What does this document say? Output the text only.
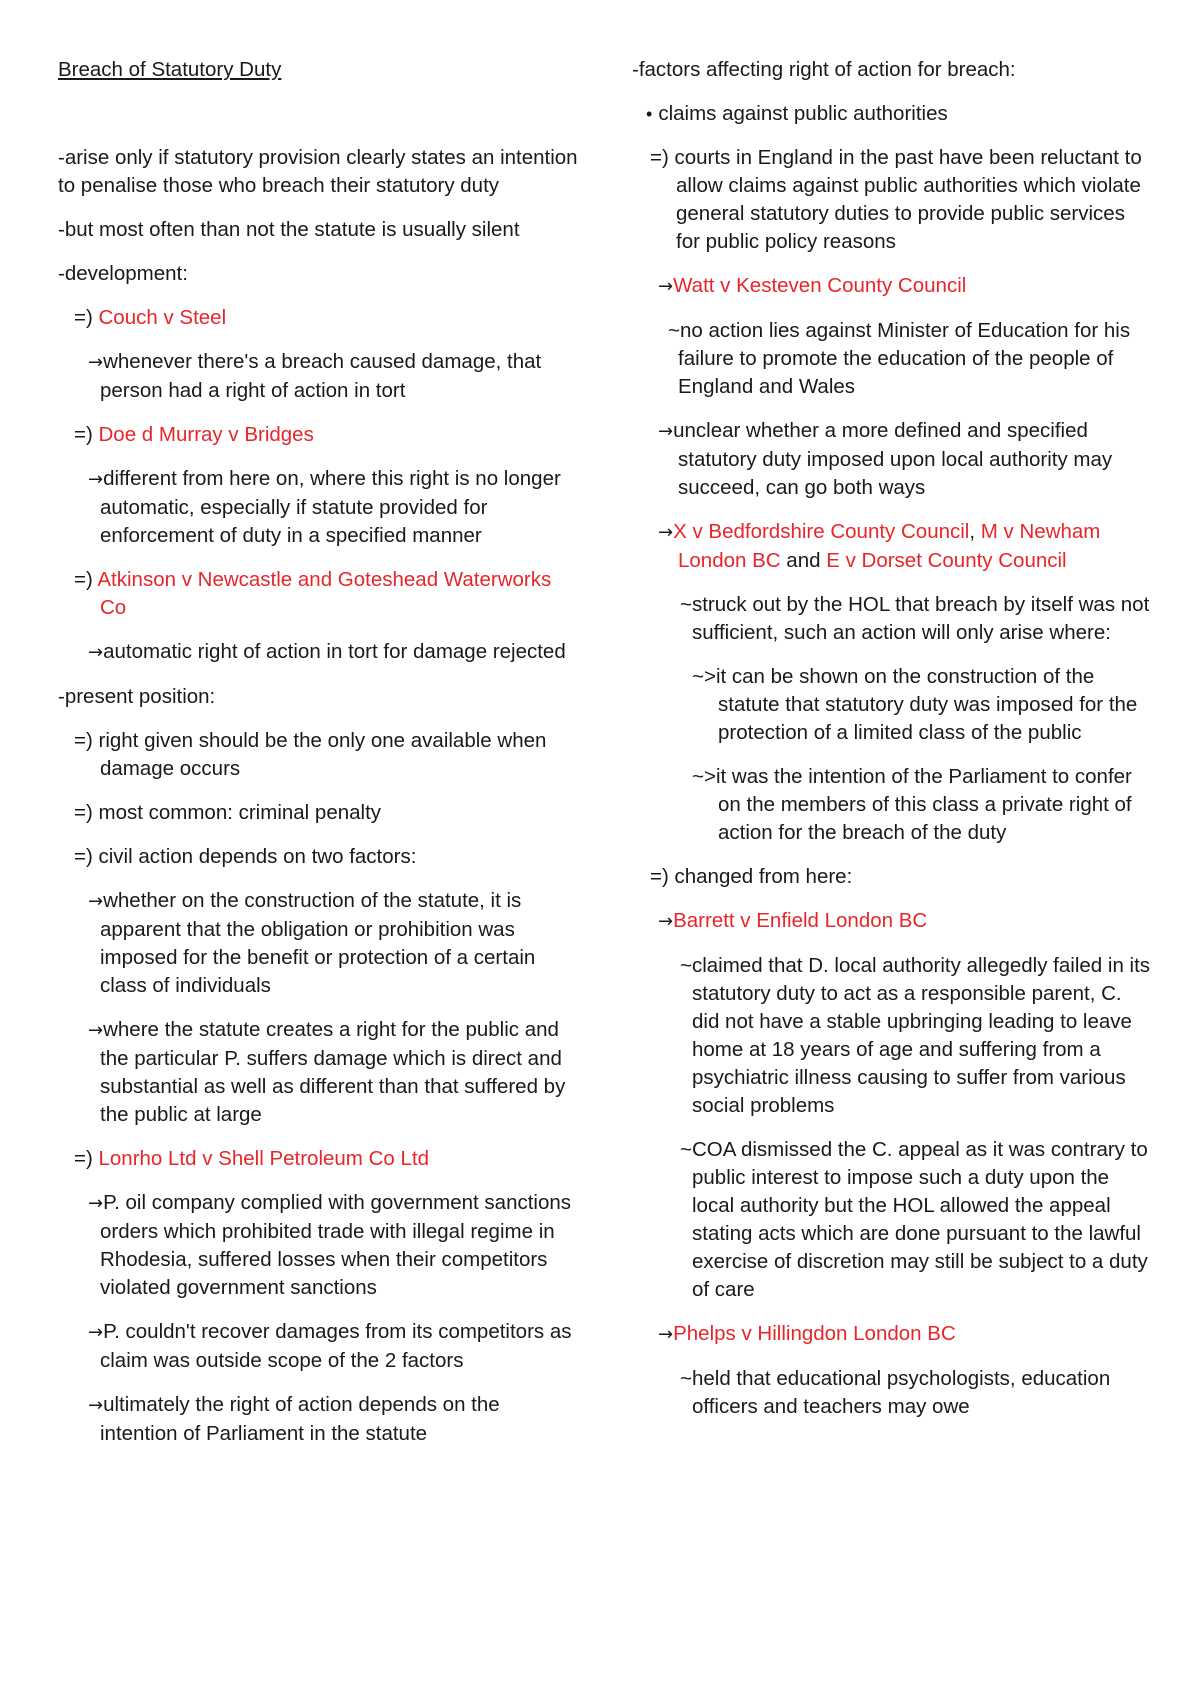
Breach of Statutory Duty

-arise only if statutory provision clearly states an intention to penalise those who breach their statutory duty

-but most often than not the statute is usually silent

-development:

=) Couch v Steel

→whenever there's a breach caused damage, that person had a right of action in tort

=) Doe d Murray v Bridges

→different from here on, where this right is no longer automatic, especially if statute provided for enforcement of duty in a specified manner

=) Atkinson v Newcastle and Goteshead Waterworks Co

→automatic right of action in tort for damage rejected

-present position:

=) right given should be the only one available when damage occurs

=) most common: criminal penalty

=) civil action depends on two factors:

→whether on the construction of the statute, it is apparent that the obligation or prohibition was imposed for the benefit or protection of a certain class of individuals

→where the statute creates a right for the public and the particular P. suffers damage which is direct and substantial as well as different than that suffered by the public at large

=) Lonrho Ltd v Shell Petroleum Co Ltd

→P. oil company complied with government sanctions orders which prohibited trade with illegal regime in Rhodesia, suffered losses when their competitors violated government sanctions

→P. couldn't recover damages from its competitors as claim was outside scope of the 2 factors

→ultimately the right of action depends on the intention of Parliament in the statute

-factors affecting right of action for breach:

• claims against public authorities

=) courts in England in the past have been reluctant to allow claims against public authorities which violate general statutory duties to provide public services for public policy reasons

→Watt v Kesteven County Council

~no action lies against Minister of Education for his failure to promote the education of the people of England and Wales

→unclear whether a more defined and specified statutory duty imposed upon local authority may succeed, can go both ways

→X v Bedfordshire County Council, M v Newham London BC and E v Dorset County Council

~struck out by the HOL that breach by itself was not sufficient, such an action will only arise where:

~>it can be shown on the construction of the statute that statutory duty was imposed for the protection of a limited class of the public

~>it was the intention of the Parliament to confer on the members of this class a private right of action for the breach of the duty

=) changed from here:

→Barrett v Enfield London BC

~claimed that D. local authority allegedly failed in its statutory duty to act as a responsible parent, C. did not have a stable upbringing leading to leave home at 18 years of age and suffering from a psychiatric illness causing to suffer from various social problems

~COA dismissed the C. appeal as it was contrary to public interest to impose such a duty upon the local authority but the HOL allowed the appeal stating acts which are done pursuant to the lawful exercise of discretion may still be subject to a duty of care

→Phelps v Hillingdon London BC

~held that educational psychologists, education officers and teachers may owe
